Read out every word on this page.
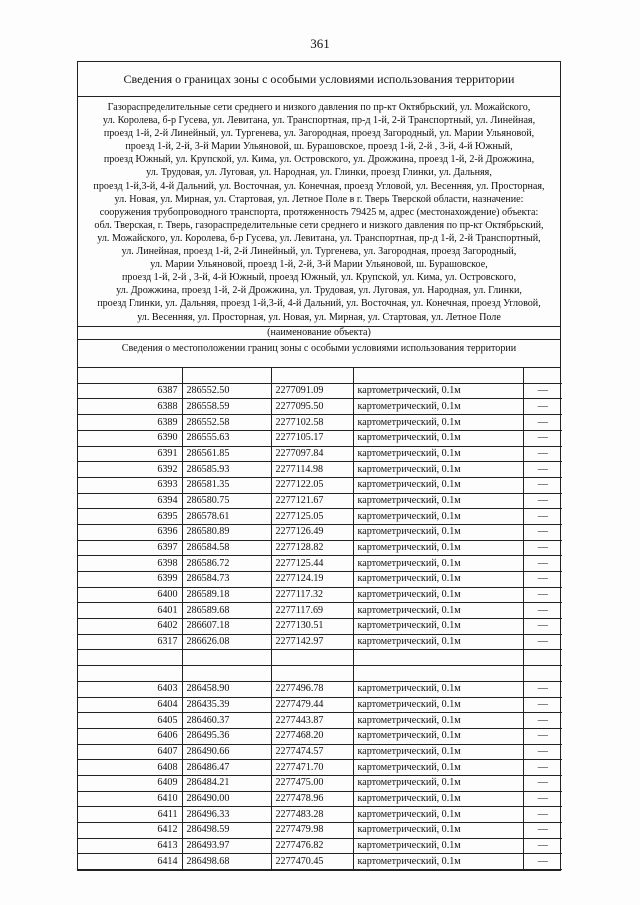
361
Сведения о границах зоны с особыми условиями использования территории
Газораспределительные сети среднего и низкого давления по пр-кт Октябрьский, ул. Можайского,
ул. Королева, б-р Гусева, ул. Левитана, ул. Транспортная, пр-д 1-й, 2-й Транспортный, ул. Линейная,
проезд 1-й, 2-й Линейный, ул. Тургенева, ул. Загородная, проезд Загородный, ул. Марии Ульяновой,
проезд 1-й, 2-й, 3-й Марии Ульяновой, ш. Бурашовское, проезд 1-й, 2-й , 3-й, 4-й Южный,
проезд Южный, ул. Крупской, ул. Кима, ул. Островского, ул. Дрожжина, проезд 1-й, 2-й Дрожжина,
ул. Трудовая, ул. Луговая, ул. Народная, ул. Глинки, проезд Глинки, ул. Дальняя,
проезд 1-й,3-й, 4-й Дальний, ул. Восточная, ул. Конечная, проезд Угловой, ул. Весенняя, ул. Просторная,
ул. Новая, ул. Мирная, ул. Стартовая, ул. Летное Поле в г. Тверь Тверской области, назначение:
сооружения трубопроводного транспорта, протяженность 79425 м, адрес (местонахождение) объекта:
обл. Тверская, г. Тверь, газораспределительные сети среднего и низкого давления по пр-кт Октябрьский,
ул. Можайского, ул. Королева, б-р Гусева, ул. Левитана, ул. Транспортная, пр-д 1-й, 2-й Транспортный,
ул. Линейная, проезд 1-й, 2-й Линейный, ул. Тургенева, ул. Загородная, проезд Загородный,
ул. Марии Ульяновой, проезд 1-й, 2-й, 3-й Марии Ульяновой, ш. Бурашовское,
проезд 1-й, 2-й , 3-й, 4-й Южный, проезд Южный, ул. Крупской, ул. Кима, ул. Островского,
ул. Дрожжина, проезд 1-й, 2-й Дрожжина, ул. Трудовая, ул. Луговая, ул. Народная, ул. Глинки,
проезд Глинки, ул. Дальняя, проезд 1-й,3-й, 4-й Дальний, ул. Восточная, ул. Конечная, проезд Угловой,
ул. Весенняя, ул. Просторная, ул. Новая, ул. Мирная, ул. Стартовая, ул. Летное Поле
(наименование объекта)
Сведения о местоположении границ зоны с особыми условиями использования территории

6387	286552.50	2277091.09	картометрический, 0.1м	—
6388	286558.59	2277095.50	картометрический, 0.1м	—
6389	286552.58	2277102.58	картометрический, 0.1м	—
6390	286555.63	2277105.17	картометрический, 0.1м	—
6391	286561.85	2277097.84	картометрический, 0.1м	—
6392	286585.93	2277114.98	картометрический, 0.1м	—
6393	286581.35	2277122.05	картометрический, 0.1м	—
6394	286580.75	2277121.67	картометрический, 0.1м	—
6395	286578.61	2277125.05	картометрический, 0.1м	—
6396	286580.89	2277126.49	картометрический, 0.1м	—
6397	286584.58	2277128.82	картометрический, 0.1м	—
6398	286586.72	2277125.44	картометрический, 0.1м	—
6399	286584.73	2277124.19	картометрический, 0.1м	—
6400	286589.18	2277117.32	картометрический, 0.1м	—
6401	286589.68	2277117.69	картометрический, 0.1м	—
6402	286607.18	2277130.51	картометрический, 0.1м	—
6317	286626.08	2277142.97	картометрический, 0.1м	—

6403	286458.90	2277496.78	картометрический, 0.1м	—
6404	286435.39	2277479.44	картометрический, 0.1м	—
6405	286460.37	2277443.87	картометрический, 0.1м	—
6406	286495.36	2277468.20	картометрический, 0.1м	—
6407	286490.66	2277474.57	картометрический, 0.1м	—
6408	286486.47	2277471.70	картометрический, 0.1м	—
6409	286484.21	2277475.00	картометрический, 0.1м	—
6410	286490.00	2277478.96	картометрический, 0.1м	—
6411	286496.33	2277483.28	картометрический, 0.1м	—
6412	286498.59	2277479.98	картометрический, 0.1м	—
6413	286493.97	2277476.82	картометрический, 0.1м	—
6414	286498.68	2277470.45	картометрический, 0.1м	—
